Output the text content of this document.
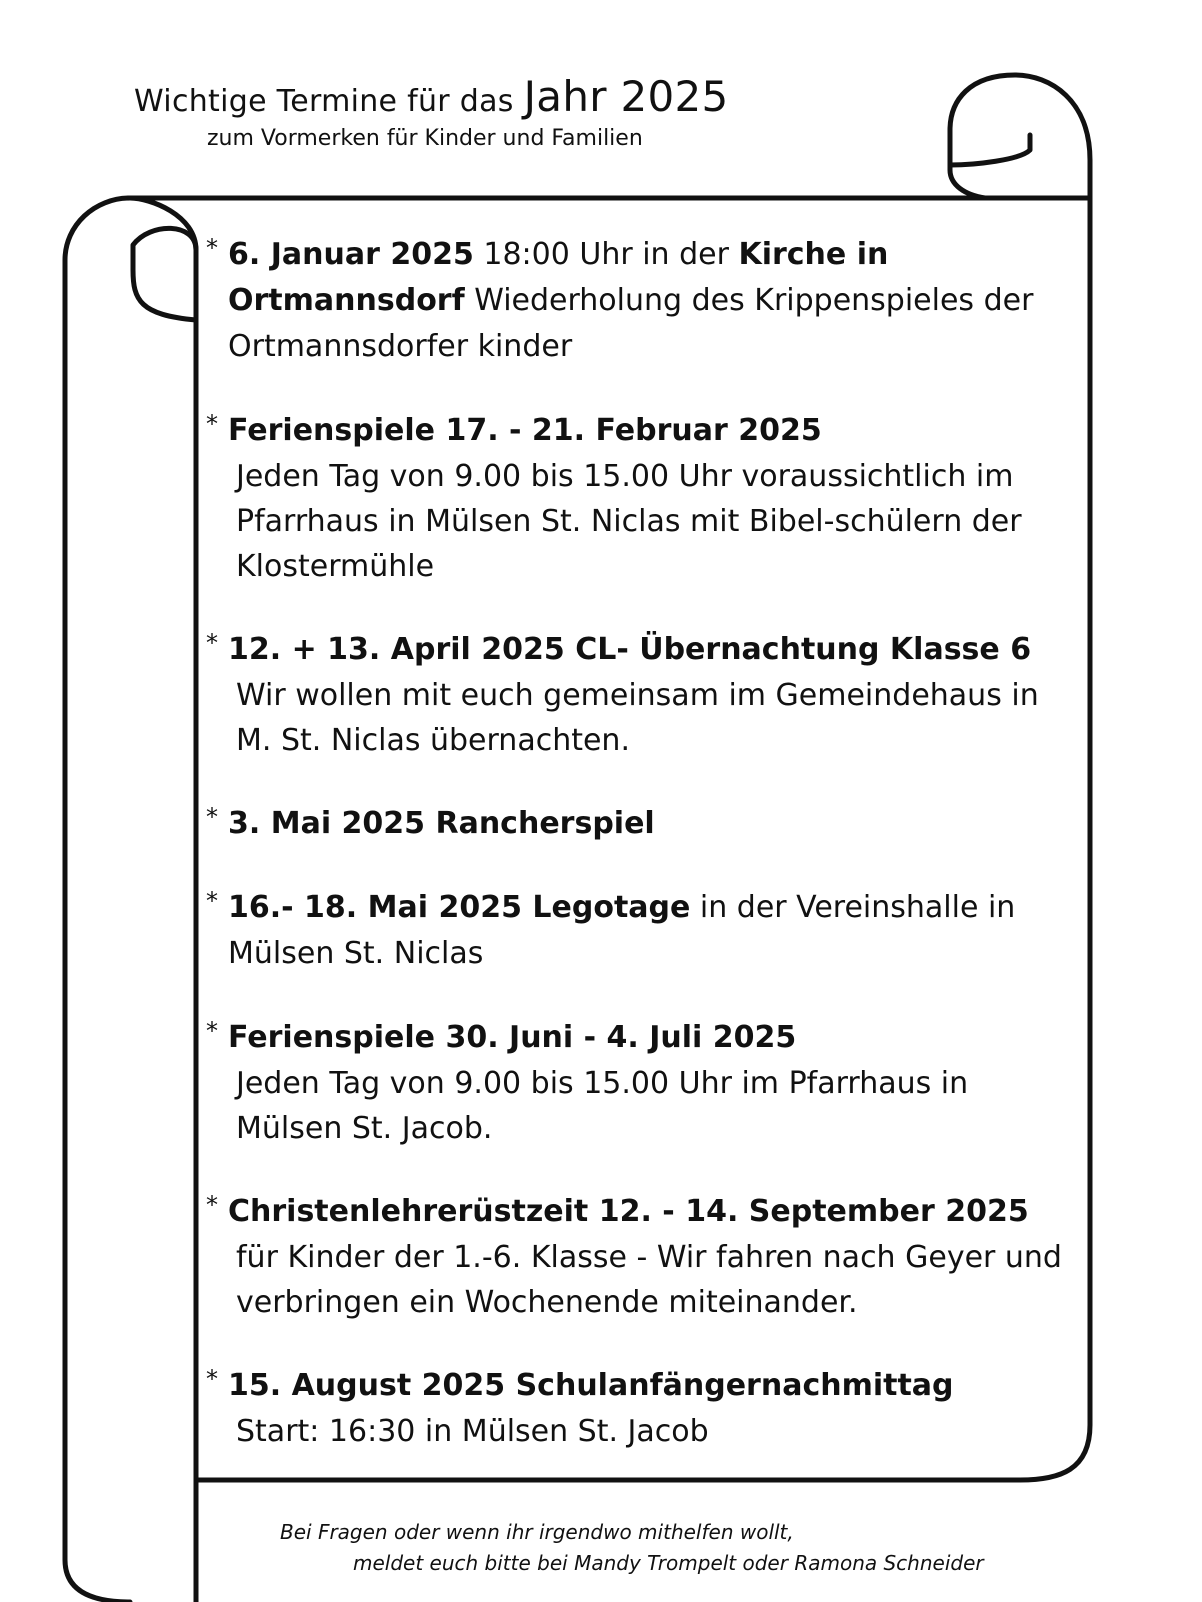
Wichtige Termine für das Jahr 2025
zum Vormerken für Kinder und Familien
* 6. Januar 2025 18:00 Uhr in der Kirche in Ortmannsdorf Wiederholung des Krippenspieles der Ortmannsdorfer kinder
* Ferienspiele 17. - 21. Februar 2025
Jeden Tag von 9.00 bis 15.00 Uhr voraussichtlich im Pfarrhaus in Mülsen St. Niclas mit Bibel-schülern der Klostermühle
* 12. + 13. April 2025 CL- Übernachtung Klasse 6
Wir wollen mit euch gemeinsam im Gemeindehaus in M. St. Niclas übernachten.
* 3. Mai 2025 Rancherspiel
* 16.- 18. Mai 2025 Legotage in der Vereinshalle in Mülsen St. Niclas
* Ferienspiele 30. Juni - 4. Juli 2025
Jeden Tag von 9.00 bis 15.00 Uhr im Pfarrhaus in Mülsen St. Jacob.
* Christenlehrerüstzeit 12. - 14. September 2025
für Kinder der 1.-6. Klasse - Wir fahren nach Geyer und verbringen ein Wochenende miteinander.
* 15. August 2025 Schulanfängernachmittag
Start: 16:30 in Mülsen St. Jacob
Bei Fragen oder wenn ihr irgendwo mithelfen wollt,
meldet euch bitte bei Mandy Trompelt oder Ramona Schneider
